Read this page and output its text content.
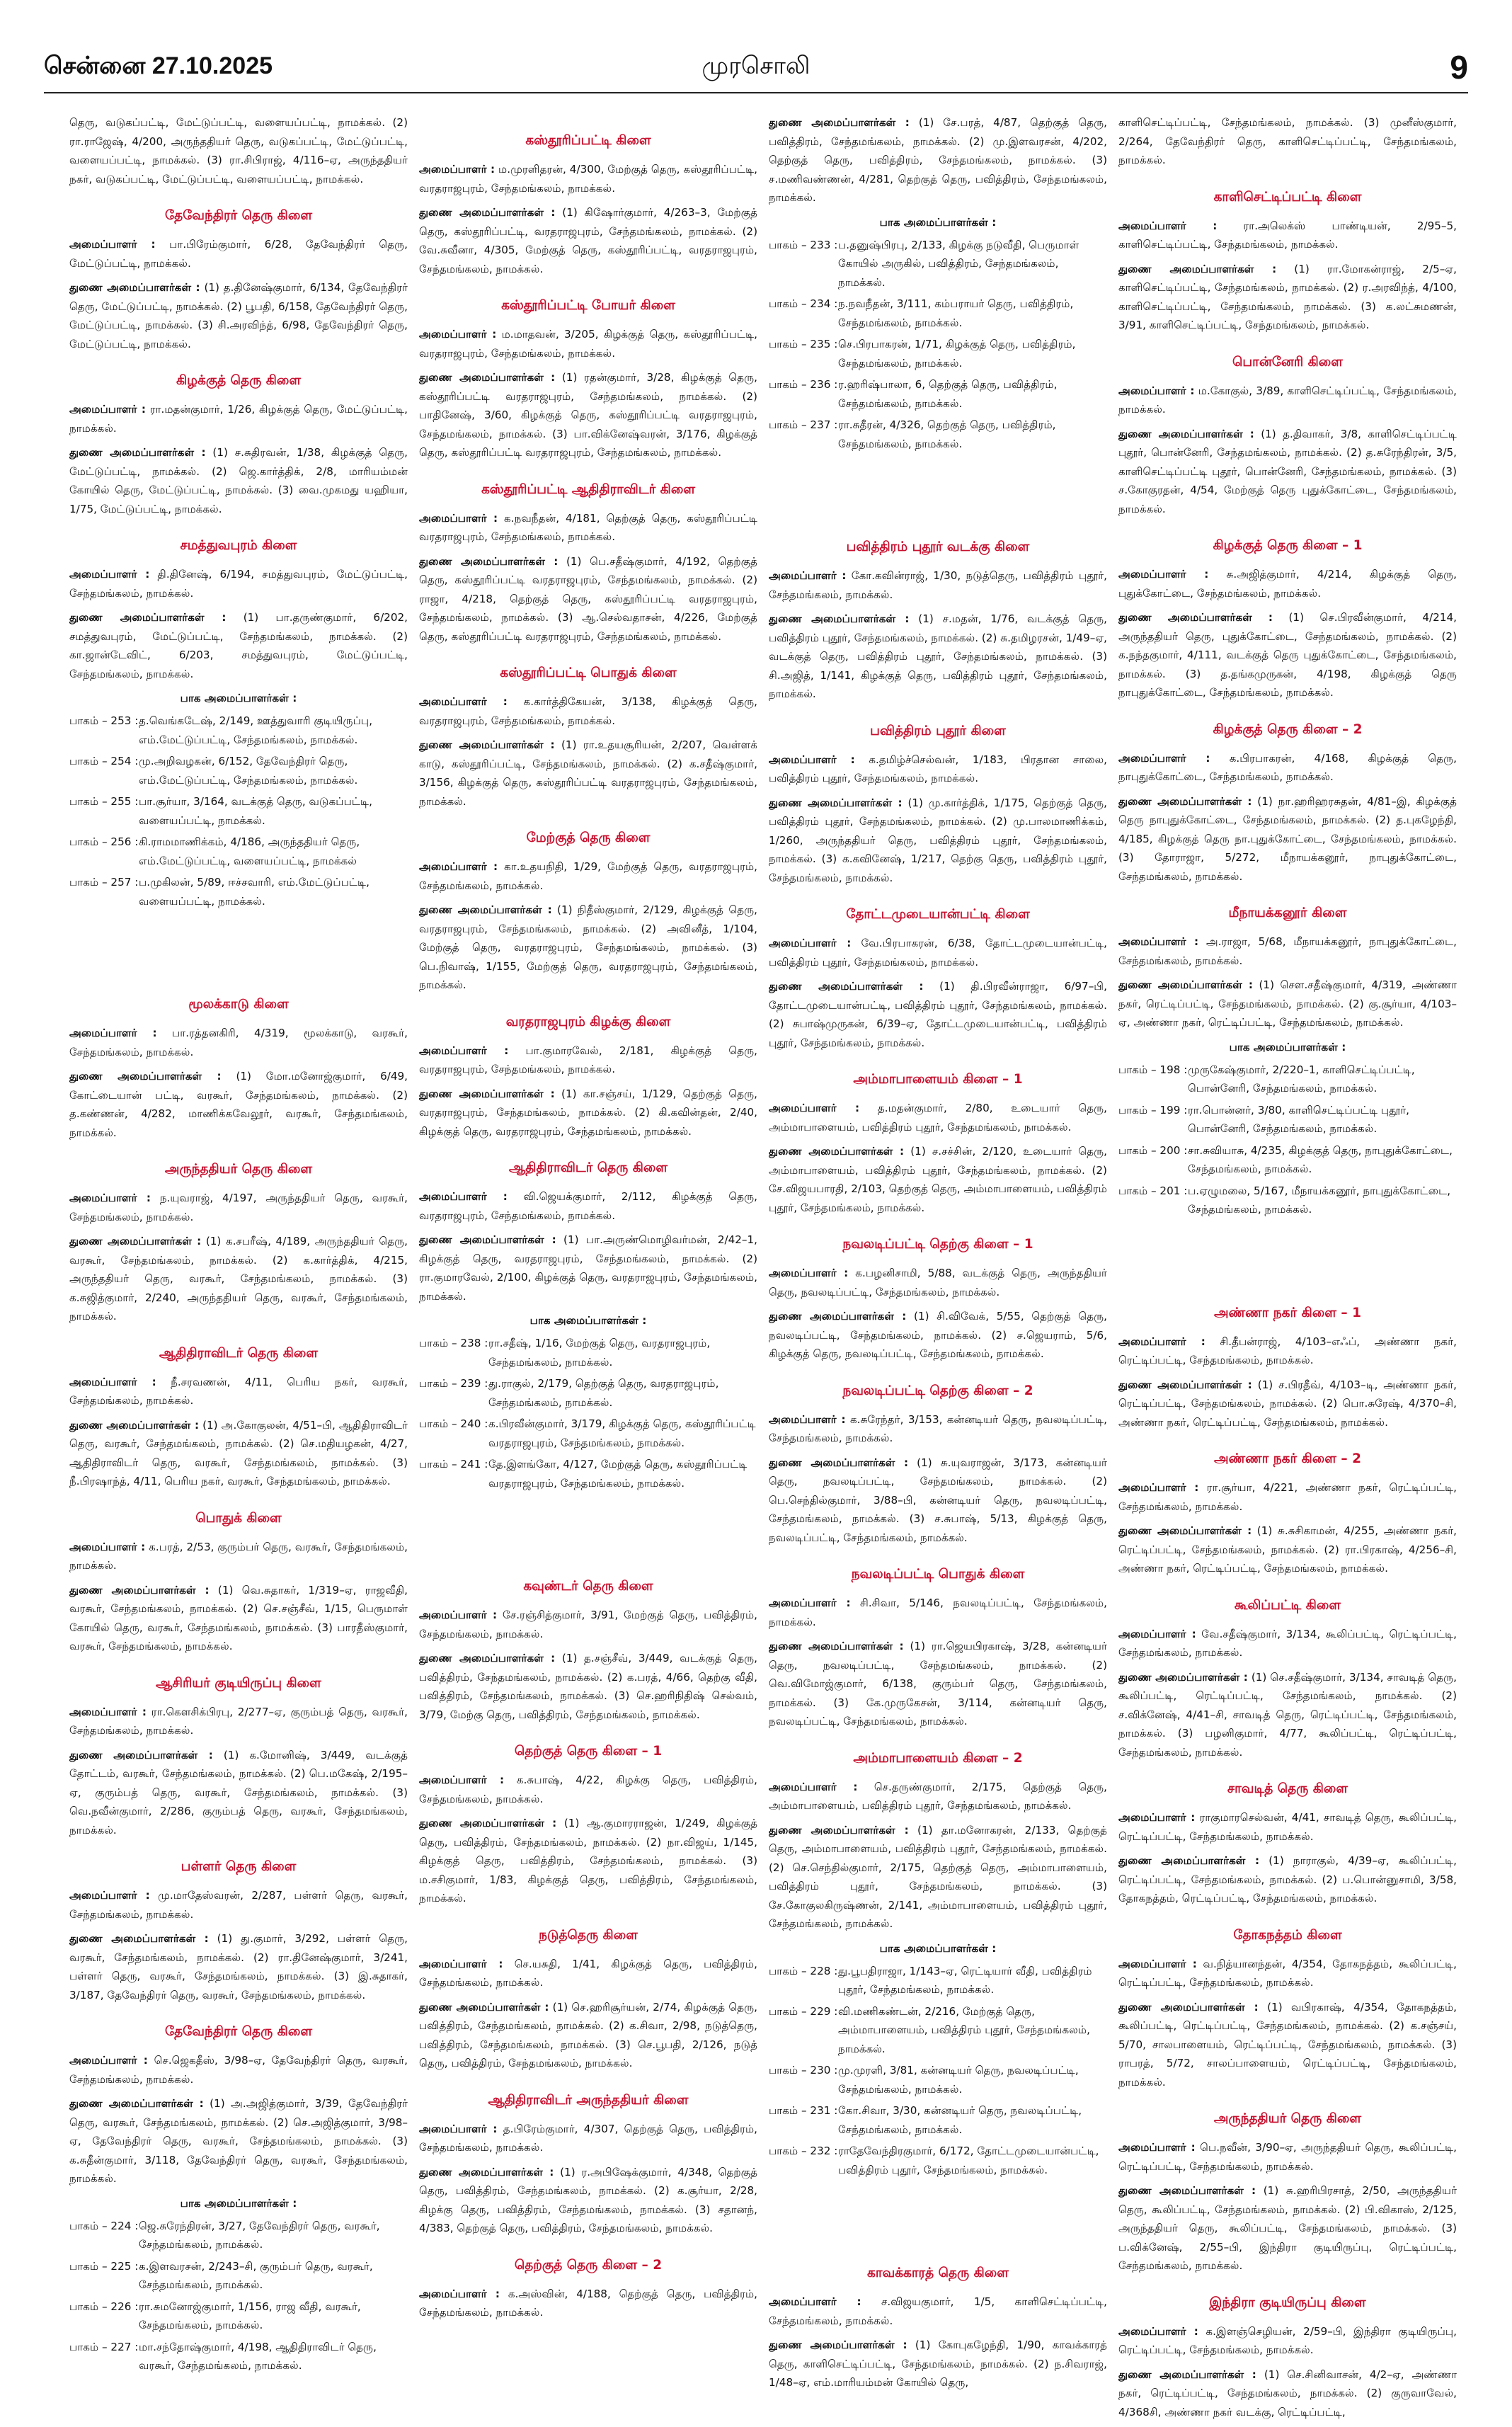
சென்னை 27.10.2025	முரசொலி	9

தெரு, வடுகப்பட்டி, மேட்டுப்பட்டி, வளையப்பட்டி, நாமக்கல். (2) ரா.ராஜேஷ், 4/200, அருந்ததியர் தெரு, வடுகப்பட்டி, மேட்டுப்பட்டி, வளையப்பட்டி, நாமக்கல். (3) ரா.சிபிராஜ், 4/116–ஏ, அருந்ததியர் நகர், வடுகப்பட்டி, மேட்டுப்பட்டி, வளையப்பட்டி, நாமக்கல்.

தேவேந்திரர் தெரு கிளை

அமைப்பாளர் : பா.பிரேம்குமார், 6/28, தேவேந்திரர் தெரு, மேட்டுப்பட்டி, நாமக்கல்.

துணை அமைப்பாளர்கள் : (1) த.தினேஷ்குமார், 6/134, தேவேந்திரர் தெரு, மேட்டுப்பட்டி, நாமக்கல். (2) பூபதி, 6/158, தேவேந்திரர் தெரு, மேட்டுப்பட்டி, நாமக்கல். (3) சி.அரவிந்த், 6/98, தேவேந்திரர் தெரு, மேட்டுப்பட்டி, நாமக்கல்.

கிழக்குத் தெரு கிளை

அமைப்பாளர் : ரா.மதன்குமார், 1/26, கிழக்குத் தெரு, மேட்டுப்பட்டி, நாமக்கல்.

துணை அமைப்பாளர்கள் : (1) ச.சுதிரவன், 1/38, கிழக்குத் தெரு, மேட்டுப்பட்டி, நாமக்கல். (2) ஜெ.கார்த்திக், 2/8, மாரியம்மன் கோயில் தெரு, மேட்டுப்பட்டி, நாமக்கல். (3) வை.முகமது யஹியா, 1/75, மேட்டுப்பட்டி, நாமக்கல்.

சமத்துவபுரம் கிளை

அமைப்பாளர் : தி.தினேஷ், 6/194, சமத்துவபுரம், மேட்டுப்பட்டி, சேந்தமங்கலம், நாமக்கல்.

துணை அமைப்பாளர்கள் : (1) பா.தருண்குமார், 6/202, சமத்துவபுரம், மேட்டுப்பட்டி, சேந்தமங்கலம், நாமக்கல். (2) கா.ஜான்டேவிட், 6/203, சமத்துவபுரம், மேட்டுப்பட்டி, சேந்தமங்கலம், நாமக்கல்.

பாக அமைப்பாளர்கள் :
பாகம் – 253 : த.வெங்கடேஷ், 2/149, ஊத்துவாரி குடியிருப்பு, எம்.மேட்டுப்பட்டி, சேந்தமங்கலம், நாமக்கல்.
பாகம் – 254 : மு.அறிவழகன், 6/152, தேவேந்திரர் தெரு, எம்.மேட்டுப்பட்டி, சேந்தமங்கலம், நாமக்கல்.
பாகம் – 255 : பா.சூர்யா, 3/164, வடக்குத் தெரு, வடுகப்பட்டி, வளையப்பட்டி, நாமக்கல்.
பாகம் – 256 : கி.ராமமாணிக்கம், 4/186, அருந்ததியர் தெரு, எம்.மேட்டுப்பட்டி, வளையப்பட்டி, நாமக்கல்
பாகம் – 257 : ப.முகிலன், 5/89, ஈச்சவாரி, எம்.மேட்டுப்பட்டி, வளையப்பட்டி, நாமக்கல்.
மூலக்காடு கிளை

அமைப்பாளர் : பா.ரத்தனகிரி, 4/319, மூலக்காடு, வரகூர், சேந்தமங்கலம், நாமக்கல்.

துணை அமைப்பாளர்கள் : (1) மோ.மனோஜ்குமார், 6/49, கோட்டையான் பட்டி, வரகூர், சேந்தமங்கலம், நாமக்கல். (2) த.கண்ணன், 4/282, மாணிக்கவேலூர், வரகூர், சேந்தமங்கலம், நாமக்கல்.

அருந்ததியர் தெரு கிளை

அமைப்பாளர் : ந.யுவராஜ், 4/197, அருந்ததியர் தெரு, வரகூர், சேந்தமங்கலம், நாமக்கல்.

துணை அமைப்பாளர்கள் : (1) க.சபரீஷ், 4/189, அருந்ததியர் தெரு, வரகூர், சேந்தமங்கலம், நாமக்கல். (2) க.கார்த்திக், 4/215, அருந்ததியர் தெரு, வரகூர், சேந்தமங்கலம், நாமக்கல். (3) க.சுஜித்குமார், 2/240, அருந்ததியர் தெரு, வரகூர், சேந்தமங்கலம், நாமக்கல்.

ஆதிதிராவிடர் தெரு கிளை

அமைப்பாளர் : நீ.சரவணன், 4/11, பெரிய நகர், வரகூர், சேந்தமங்கலம், நாமக்கல்.

துணை அமைப்பாளர்கள் : (1) அ.கோகுலன், 4/51–பி, ஆதிதிராவிடர் தெரு, வரகூர், சேந்தமங்கலம், நாமக்கல். (2) செ.மதியழகன், 4/27, ஆதிதிராவிடர் தெரு, வரகூர், சேந்தமங்கலம், நாமக்கல். (3) நீ.பிரஷாந்த், 4/11, பெரிய நகர், வரகூர், சேந்தமங்கலம், நாமக்கல்.

பொதுக் கிளை

அமைப்பாளர் : க.பரத், 2/53, குரும்பர் தெரு, வரகூர், சேந்தமங்கலம், நாமக்கல்.

துணை அமைப்பாளர்கள் : (1) வெ.சுதாகர், 1/319–ஏ, ராஜவீதி, வரகூர், சேந்தமங்கலம், நாமக்கல். (2) செ.சஞ்சீவ், 1/15, பெருமாள் கோயில் தெரு, வரகூர், சேந்தமங்கலம், நாமக்கல். (3) பாரதீஸ்குமார், வரகூர், சேந்தமங்கலம், நாமக்கல்.

ஆசிரியர் குடியிருப்பு கிளை

அமைப்பாளர் : ரா.கௌசிக்பிரபு, 2/277–ஏ, குரும்பத் தெரு, வரகூர், சேந்தமங்கலம், நாமக்கல்.

துணை அமைப்பாளர்கள் : (1) க.மோனிஷ், 3/449, வடக்குத் தோட்டம், வரகூர், சேந்தமங்கலம், நாமக்கல். (2) பெ.மகேஷ், 2/195–ஏ, குரும்பத் தெரு, வரகூர், சேந்தமங்கலம், நாமக்கல். (3) வெ.நவீன்குமார், 2/286, குரும்பத் தெரு, வரகூர், சேந்தமங்கலம், நாமக்கல்.

பள்ளர் தெரு கிளை

அமைப்பாளர் : மு.மாதேஸ்வரன், 2/287, பள்ளர் தெரு, வரகூர், சேந்தமங்கலம், நாமக்கல்.

துணை அமைப்பாளர்கள் : (1) து.குமார், 3/292, பள்ளர் தெரு, வரகூர், சேந்தமங்கலம், நாமக்கல். (2) ரா.தினேஷ்குமார், 3/241, பள்ளர் தெரு, வரகூர், சேந்தமங்கலம், நாமக்கல். (3) இ.சுதாகர், 3/187, தேவேந்திரர் தெரு, வரகூர், சேந்தமங்கலம், நாமக்கல்.

தேவேந்திரர் தெரு கிளை

அமைப்பாளர் : செ.ஜெகதீஸ், 3/98–ஏ, தேவேந்திரர் தெரு, வரகூர், சேந்தமங்கலம், நாமக்கல்.

துணை அமைப்பாளர்கள் : (1) அ.அஜித்குமார், 3/39, தேவேந்திரர் தெரு, வரகூர், சேந்தமங்கலம், நாமக்கல். (2) செ.அஜித்குமார், 3/98–ஏ, தேவேந்திரர் தெரு, வரகூர், சேந்தமங்கலம், நாமக்கல். (3) க.சுதீன்குமார், 3/118, தேவேந்திரர் தெரு, வரகூர், சேந்தமங்கலம், நாமக்கல்.

பாக அமைப்பாளர்கள் :
பாகம் – 224 : ஜெ.சுரேந்திரன், 3/27, தேவேந்திரர் தெரு, வரகூர், சேந்தமங்கலம், நாமக்கல்.
பாகம் – 225 : க.இளவரசன், 2/243–சி, குரும்பர் தெரு, வரகூர், சேந்தமங்கலம், நாமக்கல்.
பாகம் – 226 : ரா.சுமனோஜ்குமார், 1/156, ராஜ வீதி, வரகூர், சேந்தமங்கலம், நாமக்கல்.
பாகம் – 227 : மா.சந்தோஷ்குமார், 4/198, ஆதிதிராவிடர் தெரு, வரகூர், சேந்தமங்கலம், நாமக்கல்.
கஸ்தூரிப்பட்டி கிளை

அமைப்பாளர் : ம.முரளிதரன், 4/300, மேற்குத் தெரு, கஸ்தூரிப்பட்டி, வரதராஜபுரம், சேந்தமங்கலம், நாமக்கல்.

துணை அமைப்பாளர்கள் : (1) கிஷோர்குமார், 4/263–3, மேற்குத் தெரு, கஸ்தூரிப்பட்டி, வரதராஜபுரம், சேந்தமங்கலம், நாமக்கல். (2) வே.சுவீனா, 4/305, மேற்குத் தெரு, கஸ்தூரிப்பட்டி, வரதராஜபுரம், சேந்தமங்கலம், நாமக்கல்.

கஸ்தூரிப்பட்டி போயர் கிளை

அமைப்பாளர் : ம.மாதவன், 3/205, கிழக்குத் தெரு, கஸ்தூரிப்பட்டி, வரதராஜபுரம், சேந்தமங்கலம், நாமக்கல்.

துணை அமைப்பாளர்கள் : (1) ரதன்குமார், 3/28, கிழக்குத் தெரு, கஸ்தூரிப்பட்டி வரதராஜபுரம், சேந்தமங்கலம், நாமக்கல். (2) பாதினேஷ், 3/60, கிழக்குத் தெரு, கஸ்தூரிப்பட்டி வரதராஜபுரம், சேந்தமங்கலம், நாமக்கல். (3) பா.விக்னேஷ்வரன், 3/176, கிழக்குத் தெரு, கஸ்தூரிப்பட்டி வரதராஜபுரம், சேந்தமங்கலம், நாமக்கல்.

கஸ்தூரிப்பட்டி ஆதிதிராவிடர் கிளை

அமைப்பாளர் : க.நவநீதன், 4/181, தெற்குத் தெரு, கஸ்தூரிப்பட்டி வரதராஜபுரம், சேந்தமங்கலம், நாமக்கல்.

துணை அமைப்பாளர்கள் : (1) பெ.சதீஷ்குமார், 4/192, தெற்குத் தெரு, கஸ்தூரிப்பட்டி வரதராஜபுரம், சேந்தமங்கலம், நாமக்கல். (2) ராஜா, 4/218, தெற்குத் தெரு, கஸ்தூரிப்பட்டி வரதராஜபுரம், சேந்தமங்கலம், நாமக்கல். (3) ஆ.செல்வதாசன், 4/226, மேற்குத் தெரு, கஸ்தூரிப்பட்டி வரதராஜபுரம், சேந்தமங்கலம், நாமக்கல்.

கஸ்தூரிப்பட்டி பொதுக் கிளை

அமைப்பாளர் : க.கார்த்திகேயன், 3/138, கிழக்குத் தெரு, வரதராஜபுரம், சேந்தமங்கலம், நாமக்கல்.

துணை அமைப்பாளர்கள் : (1) ரா.உதயசூரியன், 2/207, வெள்ளக் காடு, கஸ்தூரிப்பட்டி, சேந்தமங்கலம், நாமக்கல். (2) க.சதீஷ்குமார், 3/156, கிழக்குத் தெரு, கஸ்தூரிப்பட்டி வரதராஜபுரம், சேந்தமங்கலம், நாமக்கல்.

மேற்குத் தெரு கிளை

அமைப்பாளர் : கா.உதயநிதி, 1/29, மேற்குத் தெரு, வரதராஜபுரம், சேந்தமங்கலம், நாமக்கல்.

துணை அமைப்பாளர்கள் : (1) நிதீஸ்குமார், 2/129, கிழக்குத் தெரு, வரதராஜபுரம், சேந்தமங்கலம், நாமக்கல். (2) அவினீத், 1/104, மேற்குத் தெரு, வரதராஜபுரம், சேந்தமங்கலம், நாமக்கல். (3) பெ.நிவாஷ், 1/155, மேற்குத் தெரு, வரதராஜபுரம், சேந்தமங்கலம், நாமக்கல்.

வரதராஜபுரம் கிழக்கு கிளை

அமைப்பாளர் : பா.குமாரவேல், 2/181, கிழக்குத் தெரு, வரதராஜபுரம், சேந்தமங்கலம், நாமக்கல்.

துணை அமைப்பாளர்கள் : (1) கா.சஞ்சய், 1/129, தெற்குத் தெரு, வரதராஜபுரம், சேந்தமங்கலம், நாமக்கல். (2) கி.கவின்தன், 2/40, கிழக்குத் தெரு, வரதராஜபுரம், சேந்தமங்கலம், நாமக்கல்.

ஆதிதிராவிடர் தெரு கிளை

அமைப்பாளர் : வி.ஜெயக்குமார், 2/112, கிழக்குத் தெரு, வரதராஜபுரம், சேந்தமங்கலம், நாமக்கல்.

துணை அமைப்பாளர்கள் : (1) பா.அருண்மொழிவர்மன், 2/42–1, கிழக்குத் தெரு, வரதராஜபுரம், சேந்தமங்கலம், நாமக்கல். (2) ரா.குமாரவேல், 2/100, கிழக்குத் தெரு, வரதராஜபுரம், சேந்தமங்கலம், நாமக்கல்.

பாக அமைப்பாளர்கள் :
பாகம் – 238 : ரா.சதீஷ், 1/16, மேற்குத் தெரு, வரதராஜபுரம், சேந்தமங்கலம், நாமக்கல்.
பாகம் – 239 : து.ராகுல், 2/179, தெற்குத் தெரு, வரதராஜபுரம், சேந்தமங்கலம், நாமக்கல்.
பாகம் – 240 : க.பிரவீன்குமார், 3/179, கிழக்குத் தெரு, கஸ்தூரிப்பட்டி வரதராஜபுரம், சேந்தமங்கலம், நாமக்கல்.
பாகம் – 241 : தே.இளங்கோ, 4/127, மேற்குத் தெரு, கஸ்தூரிப்பட்டி வரதராஜபுரம், சேந்தமங்கலம், நாமக்கல்.
கவுண்டர் தெரு கிளை

அமைப்பாளர் : சே.ரஞ்சித்குமார், 3/91, மேற்குத் தெரு, பவித்திரம், சேந்தமங்கலம், நாமக்கல்.

துணை அமைப்பாளர்கள் : (1) த.சஞ்சீவ், 3/449, வடக்குத் தெரு, பவித்திரம், சேந்தமங்கலம், நாமக்கல். (2) க.பரத், 4/66, தெற்கு வீதி, பவித்திரம், சேந்தமங்கலம், நாமக்கல். (3) செ.ஹரிநிதிஷ் செல்வம், 3/79, மேற்கு தெரு, பவித்திரம், சேந்தமங்கலம், நாமக்கல்.

தெற்குத் தெரு கிளை – 1

அமைப்பாளர் : க.சுபாஷ், 4/22, கிழக்கு தெரு, பவித்திரம், சேந்தமங்கலம், நாமக்கல்.

துணை அமைப்பாளர்கள் : (1) ஆ.குமாரராஜன், 1/249, கிழக்குத் தெரு, பவித்திரம், சேந்தமங்கலம், நாமக்கல். (2) நா.விஜய், 1/145, கிழக்குத் தெரு, பவித்திரம், சேந்தமங்கலம், நாமக்கல். (3) ம.சசிகுமார், 1/83, கிழக்குத் தெரு, பவித்திரம், சேந்தமங்கலம், நாமக்கல்.

நடுத்தெரு கிளை

அமைப்பாளர் : செ.யசுதி, 1/41, கிழக்குத் தெரு, பவித்திரம், சேந்தமங்கலம், நாமக்கல்.

துணை அமைப்பாளர்கள் : (1) செ.ஹரிசூர்யன், 2/74, கிழக்குத் தெரு, பவித்திரம், சேந்தமங்கலம், நாமக்கல். (2) க.சிவா, 2/98, நடுத்தெரு, பவித்திரம், சேந்தமங்கலம், நாமக்கல். (3) செ.பூபதி, 2/126, நடுத் தெரு, பவித்திரம், சேந்தமங்கலம், நாமக்கல்.

ஆதிதிராவிடர் அருந்ததியர் கிளை

அமைப்பாளர் : த.பிரேம்குமார், 4/307, தெற்குத் தெரு, பவித்திரம், சேந்தமங்கலம், நாமக்கல்.

துணை அமைப்பாளர்கள் : (1) ர.அபிஷேக்குமார், 4/348, தெற்குத் தெரு, பவித்திரம், சேந்தமங்கலம், நாமக்கல். (2) க.சூர்யா, 2/28, கிழக்கு தெரு, பவித்திரம், சேந்தமங்கலம், நாமக்கல். (3) சதானந், 4/383, தெற்குத் தெரு, பவித்திரம், சேந்தமங்கலம், நாமக்கல்.

தெற்குத் தெரு கிளை – 2

அமைப்பாளர் : க.அஸ்வின், 4/188, தெற்குத் தெரு, பவித்திரம், சேந்தமங்கலம், நாமக்கல்.

துணை அமைப்பாளர்கள் : (1) சே.பரத், 4/87, தெற்குத் தெரு, பவித்திரம், சேந்தமங்கலம், நாமக்கல். (2) மு.இளவரசன், 4/202, தெற்குத் தெரு, பவித்திரம், சேந்தமங்கலம், நாமக்கல். (3) ச.மணிவண்ணன், 4/281, தெற்குத் தெரு, பவித்திரம், சேந்தமங்கலம், நாமக்கல்.

பாக அமைப்பாளர்கள் :
பாகம் – 233 : ப.தனுஷ்பிரபு, 2/133, கிழக்கு நடுவீதி, பெருமாள் கோயில் அருகில், பவித்திரம், சேந்தமங்கலம், நாமக்கல்.
பாகம் – 234 : ந.நவநீதன், 3/111, கம்பராயர் தெரு, பவித்திரம், சேந்தமங்கலம், நாமக்கல்.
பாகம் – 235 : செ.பிரபாகரன், 1/71, கிழக்குத் தெரு, பவித்திரம், சேந்தமங்கலம், நாமக்கல்.
பாகம் – 236 : ர.ஹரிஷ்பாலா, 6, தெற்குத் தெரு, பவித்திரம், சேந்தமங்கலம், நாமக்கல்.
பாகம் – 237 : ரா.சுதீரன், 4/326, தெற்குத் தெரு, பவித்திரம், சேந்தமங்கலம், நாமக்கல்.
பவித்திரம் புதூர் வடக்கு கிளை

அமைப்பாளர் : கோ.கவின்ராஜ், 1/30, நடுத்தெரு, பவித்திரம் புதூர், சேந்தமங்கலம், நாமக்கல்.

துணை அமைப்பாளர்கள் : (1) ச.மதன், 1/76, வடக்குத் தெரு, பவித்திரம் புதூர், சேந்தமங்கலம், நாமக்கல். (2) சு.தமிழரசன், 1/49–ஏ, வடக்குத் தெரு, பவித்திரம் புதூர், சேந்தமங்கலம், நாமக்கல். (3) சி.அஜித், 1/141, கிழக்குத் தெரு, பவித்திரம் புதூர், சேந்தமங்கலம், நாமக்கல்.

பவித்திரம் புதூர் கிளை

அமைப்பாளர் : க.தமிழ்ச்செல்வன், 1/183, பிரதான சாலை, பவித்திரம் புதூர், சேந்தமங்கலம், நாமக்கல்.

துணை அமைப்பாளர்கள் : (1) மு.கார்த்திக், 1/175, தெற்குத் தெரு, பவித்திரம் புதூர், சேந்தமங்கலம், நாமக்கல். (2) மு.பாலமாணிக்கம், 1/260, அருந்ததியர் தெரு, பவித்திரம் புதூர், சேந்தமங்கலம், நாமக்கல். (3) க.கவினேஷ், 1/217, தெற்கு தெரு, பவித்திரம் புதூர், சேந்தமங்கலம், நாமக்கல்.

தோட்டமுடையான்பட்டி கிளை

அமைப்பாளர் : வே.பிரபாகரன், 6/38, தோட்டமுடையான்பட்டி, பவித்திரம் புதூர், சேந்தமங்கலம், நாமக்கல்.

துணை அமைப்பாளர்கள் : (1) தி.பிரவீன்ராஜா, 6/97–பி, தோட்டமுடையான்பட்டி, பவித்திரம் புதூர், சேந்தமங்கலம், நாமக்கல். (2) சுபாஷ்முருகன், 6/39–ஏ, தோட்டமுடையான்பட்டி, பவித்திரம் புதூர், சேந்தமங்கலம், நாமக்கல்.

அம்மாபாளையம் கிளை – 1

அமைப்பாளர் : த.மதன்குமார், 2/80, உடையார் தெரு, அம்மாபாளையம், பவித்திரம் புதூர், சேந்தமங்கலம், நாமக்கல்.

துணை அமைப்பாளர்கள் : (1) ச.சச்சின், 2/120, உடையார் தெரு, அம்மாபாளையம், பவித்திரம் புதூர், சேந்தமங்கலம், நாமக்கல். (2) சே.விஜயபாரதி, 2/103, தெற்குத் தெரு, அம்மாபாளையம், பவித்திரம் புதூர், சேந்தமங்கலம், நாமக்கல்.

நவலடிப்பட்டி தெற்கு கிளை – 1

அமைப்பாளர் : க.பழனிசாமி, 5/88, வடக்குத் தெரு, அருந்ததியர் தெரு, நவலடிப்பட்டி, சேந்தமங்கலம், நாமக்கல்.

துணை அமைப்பாளர்கள் : (1) சி.விவேக், 5/55, தெற்குத் தெரு, நவலடிப்பட்டி, சேந்தமங்கலம், நாமக்கல். (2) ச.ஜெயராம், 5/6, கிழக்குத் தெரு, நவலடிப்பட்டி, சேந்தமங்கலம், நாமக்கல்.

நவலடிப்பட்டி தெற்கு கிளை – 2

அமைப்பாளர் : க.சுரேந்தர், 3/153, கன்னடியர் தெரு, நவலடிப்பட்டி, சேந்தமங்கலம், நாமக்கல்.

துணை அமைப்பாளர்கள் : (1) சு.யுவராஜன், 3/173, கன்னடியர் தெரு, நவலடிப்பட்டி, சேந்தமங்கலம், நாமக்கல். (2) பெ.செந்தில்குமார், 3/88–பி, கன்னடியர் தெரு, நவலடிப்பட்டி, சேந்தமங்கலம், நாமக்கல். (3) ச.சுபாஷ், 5/13, கிழக்குத் தெரு, நவலடிப்பட்டி, சேந்தமங்கலம், நாமக்கல்.

நவலடிப்பட்டி பொதுக் கிளை

அமைப்பாளர் : சி.சிவா, 5/146, நவலடிப்பட்டி, சேந்தமங்கலம், நாமக்கல்.

துணை அமைப்பாளர்கள் : (1) ரா.ஜெயபிரகாஷ், 3/28, கன்னடியர் தெரு, நவலடிப்பட்டி, சேந்தமங்கலம், நாமக்கல். (2) வெ.விமோஜ்குமார், 6/138, குரும்பர் தெரு, சேந்தமங்கலம், நாமக்கல். (3) கே.முருகேசன், 3/114, கன்னடியர் தெரு, நவலடிப்பட்டி, சேந்தமங்கலம், நாமக்கல்.

அம்மாபாளையம் கிளை – 2

அமைப்பாளர் : செ.தருண்குமார், 2/175, தெற்குத் தெரு, அம்மாபாளையம், பவித்திரம் புதூர், சேந்தமங்கலம், நாமக்கல்.

துணை அமைப்பாளர்கள் : (1) தா.மனோகரன், 2/133, தெற்குத் தெரு, அம்மாபாளையம், பவித்திரம் புதூர், சேந்தமங்கலம், நாமக்கல். (2) செ.செந்தில்குமார், 2/175, தெற்குத் தெரு, அம்மாபாளையம், பவித்திரம் புதூர், சேந்தமங்கலம், நாமக்கல். (3) சே.கோகுலகிருஷ்ணன், 2/141, அம்மாபாளையம், பவித்திரம் புதூர், சேந்தமங்கலம், நாமக்கல்.

பாக அமைப்பாளர்கள் :
பாகம் – 228 : து.பூபதிராஜா, 1/143–ஏ, ரெட்டியார் வீதி, பவித்திரம் புதூர், சேந்தமங்கலம், நாமக்கல்.
பாகம் – 229 : வி.மணிகண்டன், 2/216, மேற்குத் தெரு, அம்மாபாளையம், பவித்திரம் புதூர், சேந்தமங்கலம், நாமக்கல்.
பாகம் – 230 : மு.முரளி, 3/81, கன்னடியர் தெரு, நவலடிப்பட்டி, சேந்தமங்கலம், நாமக்கல்.
பாகம் – 231 : கோ.சிவா, 3/30, கன்னடியர் தெரு, நவலடிப்பட்டி, சேந்தமங்கலம், நாமக்கல்.
பாகம் – 232 : ராதேவேந்திரகுமார், 6/172, தோட்டமுடையான்பட்டி, பவித்திரம் புதூர், சேந்தமங்கலம், நாமக்கல்.
காவக்காரத் தெரு கிளை

அமைப்பாளர் : ச.விஜயகுமார், 1/5, காளிசெட்டிப்பட்டி, சேந்தமங்கலம், நாமக்கல்.

துணை அமைப்பாளர்கள் : (1) கோபுகழேந்தி, 1/90, காவக்காரத் தெரு, காளிசெட்டிப்பட்டி, சேந்தமங்கலம், நாமக்கல். (2) ந.சிவராஜ், 1/48–ஏ, எம்.மாரியம்மன் கோயில் தெரு,

காளிசெட்டிப்பட்டி, சேந்தமங்கலம், நாமக்கல். (3) முனீஸ்குமார், 2/264, தேவேந்திரர் தெரு, காளிசெட்டிப்பட்டி, சேந்தமங்கலம், நாமக்கல்.

காளிசெட்டிப்பட்டி கிளை

அமைப்பாளர் : ரா.அலெக்ஸ் பாண்டியன், 2/95–5, காளிசெட்டிப்பட்டி, சேந்தமங்கலம், நாமக்கல்.

துணை அமைப்பாளர்கள் : (1) ரா.மோகன்ராஜ், 2/5–ஏ, காளிசெட்டிப்பட்டி, சேந்தமங்கலம், நாமக்கல். (2) ர.அரவிந்த், 4/100, காளிசெட்டிப்பட்டி, சேந்தமங்கலம், நாமக்கல். (3) க.லட்சுமணன், 3/91, காளிசெட்டிப்பட்டி, சேந்தமங்கலம், நாமக்கல்.

பொன்னேரி கிளை

அமைப்பாளர் : ம.கோகுல், 3/89, காளிசெட்டிப்பட்டி, சேந்தமங்கலம், நாமக்கல்.

துணை அமைப்பாளர்கள் : (1) த.திவாகர், 3/8, காளிசெட்டிப்பட்டி புதூர், பொன்னேரி, சேந்தமங்கலம், நாமக்கல். (2) த.சுரேந்திரன், 3/5, காளிசெட்டிப்பட்டி புதூர், பொன்னேரி, சேந்தமங்கலம், நாமக்கல். (3) ச.கோகுரதன், 4/54, மேற்குத் தெரு புதுக்கோட்டை, சேந்தமங்கலம், நாமக்கல்.

கிழக்குத் தெரு கிளை – 1

அமைப்பாளர் : சு.அஜித்குமார், 4/214, கிழக்குத் தெரு, புதுக்கோட்டை, சேந்தமங்கலம், நாமக்கல்.

துணை அமைப்பாளர்கள் : (1) செ.பிரவீன்குமார், 4/214, அருந்ததியர் தெரு, புதுக்கோட்டை, சேந்தமங்கலம், நாமக்கல். (2) க.நந்தகுமார், 4/111, வடக்குத் தெரு புதுக்கோட்டை, சேந்தமங்கலம், நாமக்கல். (3) த.தங்கமுருகன், 4/198, கிழக்குத் தெரு நாபுதுக்கோட்டை, சேந்தமங்கலம், நாமக்கல்.

கிழக்குத் தெரு கிளை – 2

அமைப்பாளர் : க.பிரபாகரன், 4/168, கிழக்குத் தெரு, நாபுதுக்கோட்டை, சேந்தமங்கலம், நாமக்கல்.

துணை அமைப்பாளர்கள் : (1) நா.ஹரிஹரசுதன், 4/81–இ, கிழக்குத் தெரு நாபுதுக்கோட்டை, சேந்தமங்கலம், நாமக்கல். (2) த.புகழேந்தி, 4/185, கிழக்குத் தெரு நா.புதுக்கோட்டை, சேந்தமங்கலம், நாமக்கல். (3) தோராஜா, 5/272, மீநாயக்கனூர், நாபுதுக்கோட்டை, சேந்தமங்கலம், நாமக்கல்.

மீநாயக்கனூர் கிளை

அமைப்பாளர் : அ.ராஜா, 5/68, மீநாயக்கனூர், நாபுதுக்கோட்டை, சேந்தமங்கலம், நாமக்கல்.

துணை அமைப்பாளர்கள் : (1) செள.சதீஷ்குமார், 4/319, அண்ணா நகர், ரெட்டிப்பட்டி, சேந்தமங்கலம், நாமக்கல். (2) கு.சூர்யா, 4/103–ஏ, அண்ணா நகர், ரெட்டிப்பட்டி, சேந்தமங்கலம், நாமக்கல்.

பாக அமைப்பாளர்கள் :
பாகம் – 198 : முருகேஷ்குமார், 2/220–1, காளிசெட்டிப்பட்டி, பொன்னேரி, சேந்தமங்கலம், நாமக்கல்.
பாகம் – 199 : ரா.பொன்னர், 3/80, காளிசெட்டிப்பட்டி புதூர், பொன்னேரி, சேந்தமங்கலம், நாமக்கல்.
பாகம் – 200 : சா.சுவியாசு, 4/235, கிழக்குத் தெரு, நாபுதுக்கோட்டை, சேந்தமங்கலம், நாமக்கல்.
பாகம் – 201 : ப.ஏழுமலை, 5/167, மீநாயக்கனூர், நாபுதுக்கோட்டை, சேந்தமங்கலம், நாமக்கல்.
அண்ணா நகர் கிளை – 1

அமைப்பாளர் : சி.தீபன்ராஜ், 4/103–எஃப், அண்ணா நகர், ரெட்டிப்பட்டி, சேந்தமங்கலம், நாமக்கல்.

துணை அமைப்பாளர்கள் : (1) ச.பிரதீவ், 4/103–டி, அண்ணா நகர், ரெட்டிப்பட்டி, சேந்தமங்கலம், நாமக்கல். (2) பொ.சுரேஷ், 4/370–சி, அண்ணா நகர், ரெட்டிப்பட்டி, சேந்தமங்கலம், நாமக்கல்.

அண்ணா நகர் கிளை – 2

அமைப்பாளர் : ரா.சூர்யா, 4/221, அண்ணா நகர், ரெட்டிப்பட்டி, சேந்தமங்கலம், நாமக்கல்.

துணை அமைப்பாளர்கள் : (1) சு.சுசிகாமன், 4/255, அண்ணா நகர், ரெட்டிப்பட்டி, சேந்தமங்கலம், நாமக்கல். (2) ரா.பிரகாஷ், 4/256–சி, அண்ணா நகர், ரெட்டிப்பட்டி, சேந்தமங்கலம், நாமக்கல்.

கூலிப்பட்டி கிளை

அமைப்பாளர் : வே.சதீஷ்குமார், 3/134, கூலிப்பட்டி, ரெட்டிப்பட்டி, சேந்தமங்கலம், நாமக்கல்.

துணை அமைப்பாளர்கள் : (1) செ.சதீஷ்குமார், 3/134, சாவடித் தெரு, கூலிப்பட்டி, ரெட்டிப்பட்டி, சேந்தமங்கலம், நாமக்கல். (2) ச.விக்னேஷ், 4/41–சி, சாவடித் தெரு, ரெட்டிப்பட்டி, சேந்தமங்கலம், நாமக்கல். (3) பழனிகுமார், 4/77, கூலிப்பட்டி, ரெட்டிப்பட்டி, சேந்தமங்கலம், நாமக்கல்.

சாவடித் தெரு கிளை

அமைப்பாளர் : ராகுமாரசெல்வன், 4/41, சாவடித் தெரு, கூலிப்பட்டி, ரெட்டிப்பட்டி, சேந்தமங்கலம், நாமக்கல்.

துணை அமைப்பாளர்கள் : (1) நாராகுல், 4/39–ஏ, கூலிப்பட்டி, ரெட்டிப்பட்டி, சேந்தமங்கலம், நாமக்கல். (2) ப.பொன்னுசாமி, 3/58, தோகநத்தம், ரெட்டிப்பட்டி, சேந்தமங்கலம், நாமக்கல்.

தோகநத்தம் கிளை

அமைப்பாளர் : வ.நித்யானந்தன், 4/354, தோகநத்தம், கூலிப்பட்டி, ரெட்டிப்பட்டி, சேந்தமங்கலம், நாமக்கல்.

துணை அமைப்பாளர்கள் : (1) வபிரகாஷ், 4/354, தோகநத்தம், கூலிப்பட்டி, ரெட்டிப்பட்டி, சேந்தமங்கலம், நாமக்கல். (2) க.சஞ்சய், 5/70, சாலபாளையம், ரெட்டிப்பட்டி, சேந்தமங்கலம், நாமக்கல். (3) ராபரத், 5/72, சாலப்பாளையம், ரெட்டிப்பட்டி, சேந்தமங்கலம், நாமக்கல்.

அருந்ததியர் தெரு கிளை

அமைப்பாளர் : பெ.நவீன், 3/90–ஏ, அருந்ததியர் தெரு, கூலிப்பட்டி, ரெட்டிப்பட்டி, சேந்தமங்கலம், நாமக்கல்.

துணை அமைப்பாளர்கள் : (1) சு.ஹரிபிரசாத், 2/50, அருந்ததியர் தெரு, கூலிப்பட்டி, சேந்தமங்கலம், நாமக்கல். (2) பி.விகாஸ், 2/125, அருந்ததியர் தெரு, கூலிப்பட்டி, சேந்தமங்கலம், நாமக்கல். (3) ப.விக்னேஷ், 2/55–பி, இந்திரா குடியிருப்பு, ரெட்டிப்பட்டி, சேந்தமங்கலம், நாமக்கல்.

இந்திரா குடியிருப்பு கிளை

அமைப்பாளர் : க.இளஞ்செழியன், 2/59–பி, இந்திரா குடியிருப்பு, ரெட்டிப்பட்டி, சேந்தமங்கலம், நாமக்கல்.

துணை அமைப்பாளர்கள் : (1) செ.சினிவாசன், 4/2–ஏ, அண்ணா நகர், ரெட்டிப்பட்டி, சேந்தமங்கலம், நாமக்கல். (2) குருவாவேல், 4/368சி, அண்ணா நகர் வடக்கு, ரெட்டிப்பட்டி,
